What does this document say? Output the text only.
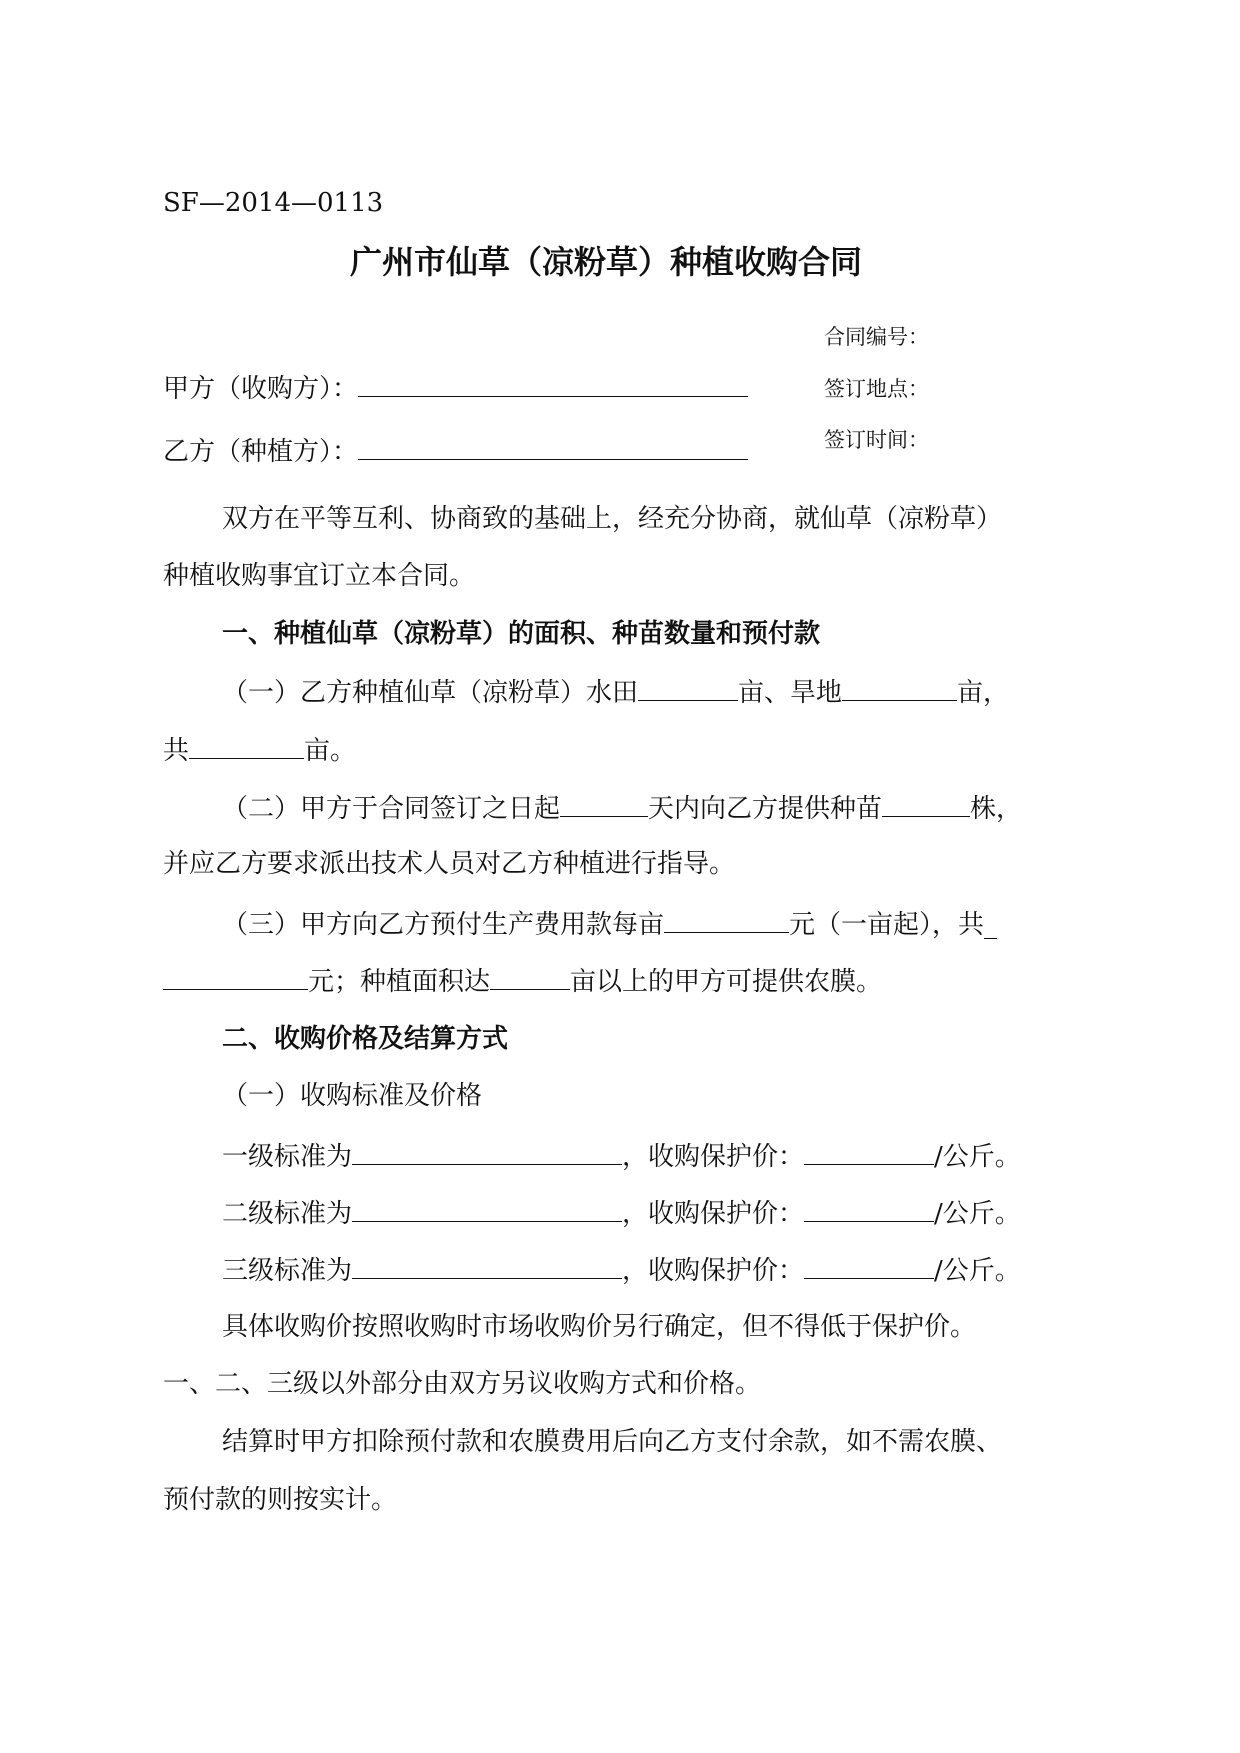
SF—2014—0113
广州市仙草（凉粉草）种植收购合同
合同编号：
签订地点：
签订时间：
甲方（收购方）：
乙方（种植方）：
双方在平等互利、协商致的基础上，经充分协商，就仙草（凉粉草）
种植收购事宜订立本合同。
一、种植仙草（凉粉草）的面积、种苗数量和预付款
（一）乙方种植仙草（凉粉草）水田	亩、旱地	亩，
共	亩。
（二）甲方于合同签订之日起	天内向乙方提供种苗	株，
并应乙方要求派出技术人员对乙方种植进行指导。
（三）甲方向乙方预付生产费用款每亩	元（一亩起），共_
元；种植面积达	亩以上的甲方可提供农膜。
二、收购价格及结算方式
（一）收购标准及价格
一级标准为	，收购保护价：	/公斤。
二级标准为	，收购保护价：	/公斤。
三级标准为	，收购保护价：	/公斤。
具体收购价按照收购时市场收购价另行确定，但不得低于保护价。
一、二、三级以外部分由双方另议收购方式和价格。
结算时甲方扣除预付款和农膜费用后向乙方支付余款，如不需农膜、
预付款的则按实计。
